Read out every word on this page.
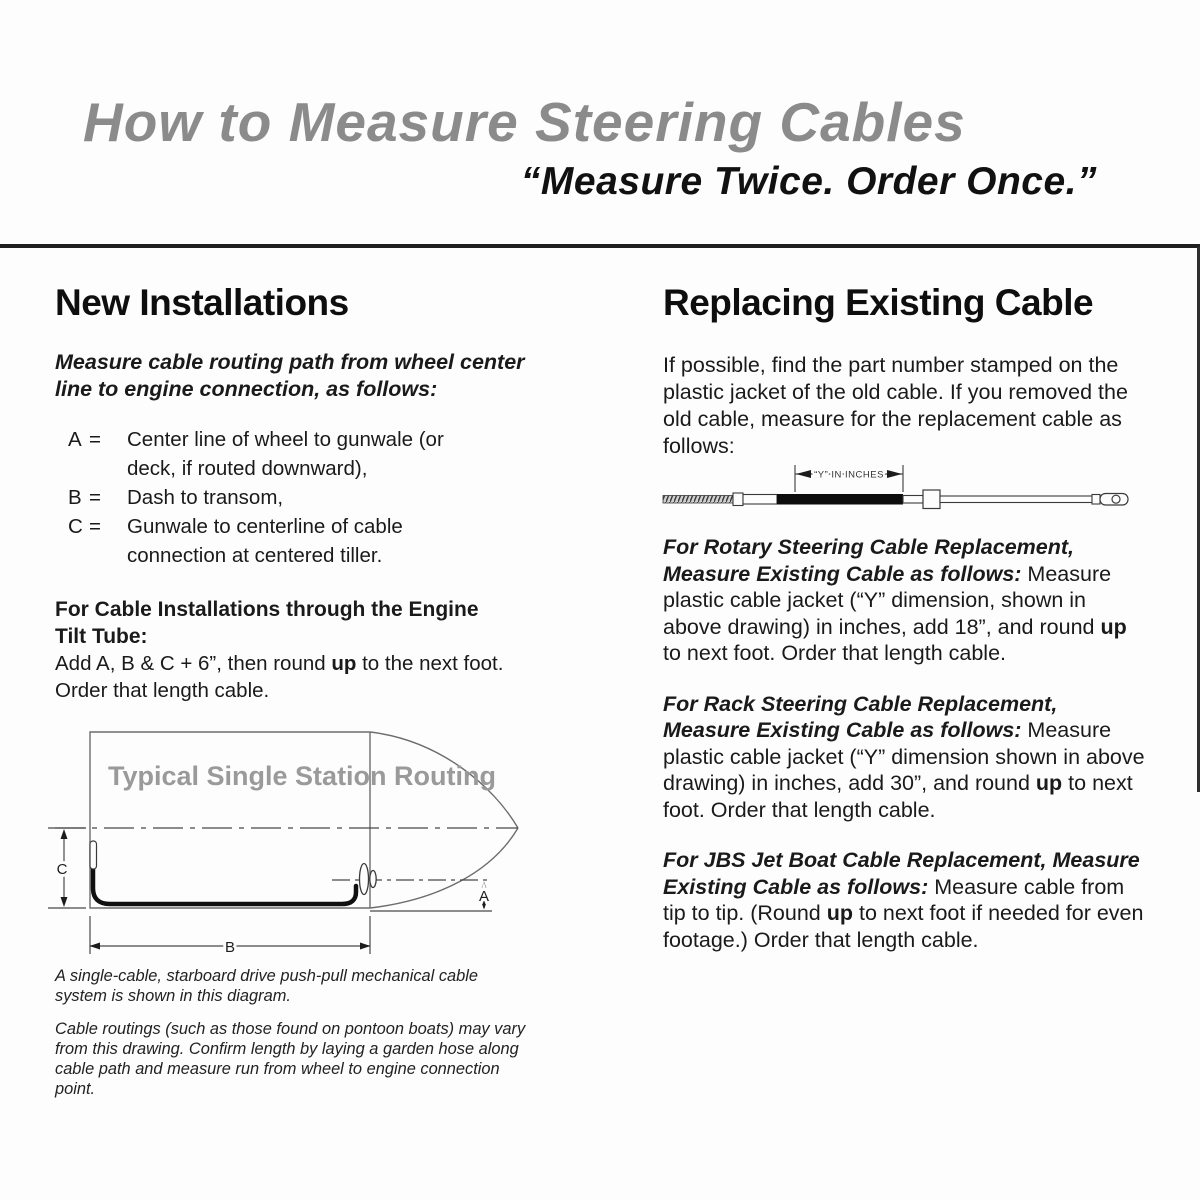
How to Measure Steering Cables
“Measure Twice. Order Once.”
New Installations

Measure cable routing path from wheel center line to engine connection, as follows:

A =	Center line of wheel to gunwale (or deck, if routed downward),
B =	Dash to transom,
C =	Gunwale to centerline of cable connection at centered tiller.

For Cable Installations through the Engine Tilt Tube:

Add A, B & C + 6”, then round up to the next foot. Order that length cable.

Typical Single Station Routing
C
A
B

A single-cable, starboard drive push-pull mechanical cable system is shown in this diagram.

Cable routings (such as those found on pontoon boats) may vary from this drawing. Confirm length by laying a garden hose along cable path and measure run from wheel to engine connection point.

Replacing Existing Cable

If possible, find the part number stamped on the plastic jacket of the old cable. If you removed the old cable, measure for the replacement cable as follows:

“Y” IN INCHES

For Rotary Steering Cable Replacement, Measure Existing Cable as follows: Measure plastic cable jacket (“Y” dimension, shown in above drawing) in inches, add 18”, and round up to next foot. Order that length cable.

For Rack Steering Cable Replacement, Measure Existing Cable as follows: Measure plastic cable jacket (“Y” dimension shown in above drawing) in inches, add 30”, and round up to next foot. Order that length cable.

For JBS Jet Boat Cable Replacement, Measure Existing Cable as follows: Measure cable from tip to tip. (Round up to next foot if needed for even footage.) Order that length cable.
